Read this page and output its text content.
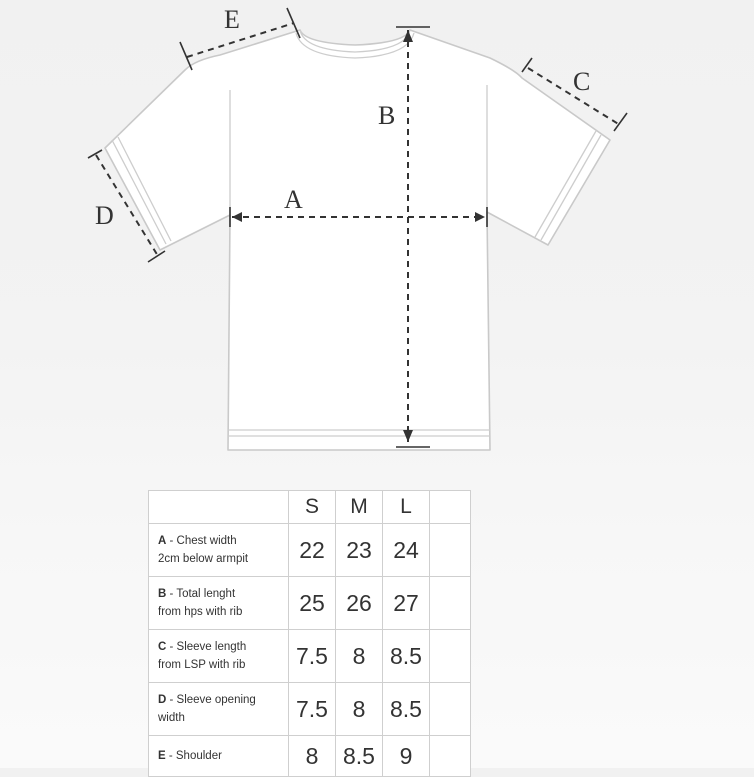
A
B
C
D
E
	S	M	L	
A - Chest width
2cm below armpit	22	23	24	
B - Total lenght
from hps with rib	25	26	27	
C - Sleeve length
from LSP with rib	7.5	8	8.5	
D - Sleeve opening
width	7.5	8	8.5	
E - Shoulder	8	8.5	9	
